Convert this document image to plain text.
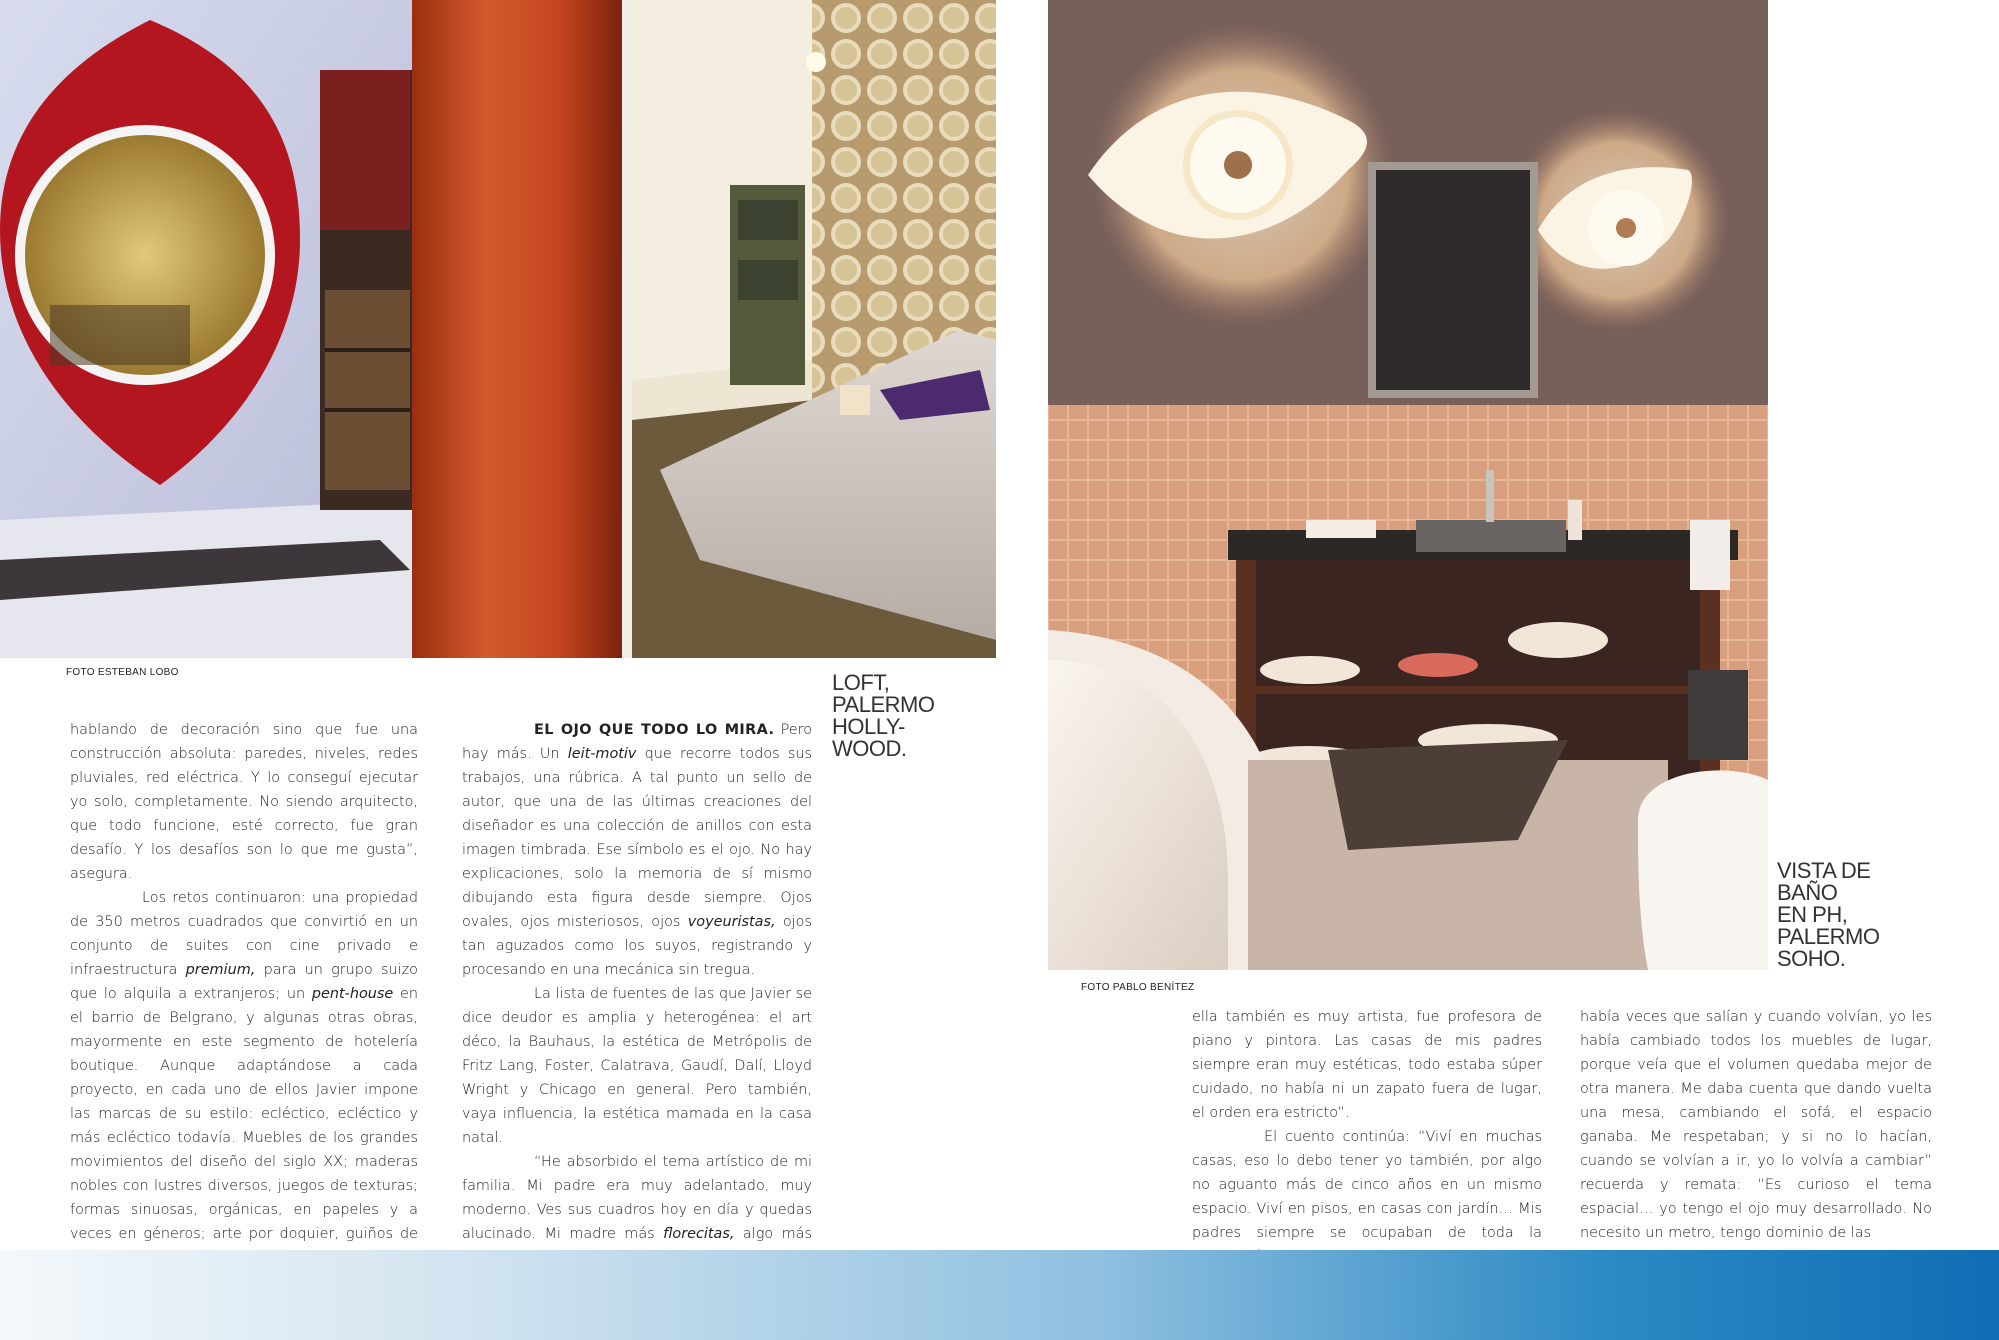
FOTO ESTEBAN LOBO
FOTO PABLO BENÍTEZ
LOFT,
PALERMO
HOLLY-
WOOD.
VISTA DE
BAÑO
EN PH,
PALERMO
SOHO.

hablando de decoración sino que fue una construcción absoluta: paredes, niveles, redes pluviales, red eléctrica. Y lo conseguí ejecutar yo solo, completamente. No siendo arquitecto, que todo funcione, esté correcto, fue gran desafío. Y los desafíos son lo que me gusta”, asegura.

Los retos continuaron: una propiedad de 350 metros cuadrados que convirtió en un conjunto de suites con cine privado e infraestructura premium, para un grupo suizo que lo alquila a extranjeros; un pent-house en el barrio de Belgrano, y algunas otras obras, mayormente en este segmento de hotelería boutique. Aunque adaptándose a cada proyecto, en cada uno de ellos Javier impone las marcas de su estilo: ecléctico, ecléctico y más ecléctico todavía. Muebles de los grandes movimientos del diseño del siglo XX; maderas nobles con lustres diversos, juegos de texturas; formas sinuosas, orgánicas, en papeles y a veces en géneros; arte por doquier, guiños de

EL OJO QUE TODO LO MIRA. Pero hay más. Un leit-motiv que recorre todos sus trabajos, una rúbrica. A tal punto un sello de autor, que una de las últimas creaciones del diseñador es una colección de anillos con esta imagen timbrada. Ese símbolo es el ojo. No hay explicaciones, solo la memoria de sí mismo dibujando esta figura desde siempre. Ojos ovales, ojos misteriosos, ojos voyeuristas, ojos tan aguzados como los suyos, registrando y procesando en una mecánica sin tregua.

La lista de fuentes de las que Javier se dice deudor es amplia y heterogénea: el art déco, la Bauhaus, la estética de Metrópolis de Fritz Lang, Foster, Calatrava, Gaudí, Dalí, Lloyd Wright y Chicago en general. Pero también, vaya influencia, la estética mamada en la casa natal.

“He absorbido el tema artístico de mi familia. Mi padre era muy adelantado, muy moderno. Ves sus cuadros hoy en día y quedas alucinado. Mi madre más florecitas, algo más

ella también es muy artista, fue profesora de piano y pintora. Las casas de mis padres siempre eran muy estéticas, todo estaba súper cuidado, no había ni un zapato fuera de lugar, el orden era estricto”.

El cuento continúa: “Viví en muchas casas, eso lo debo tener yo también, por algo no aguanto más de cinco años en un mismo espacio. Viví en pisos, en casas con jardín… Mis padres siempre se ocupaban de toda la

había veces que salían y cuando volvían, yo les había cambiado todos los muebles de lugar, porque veía que el volumen quedaba mejor de otra manera. Me daba cuenta que dando vuelta una mesa, cambiando el sofá, el espacio ganaba. Me respetaban; y si no lo hacían, cuando se volvían a ir, yo lo volvía a cambiar” recuerda y remata: “Es curioso el tema espacial… yo tengo el ojo muy desarrollado. No necesito un metro, tengo dominio de las
